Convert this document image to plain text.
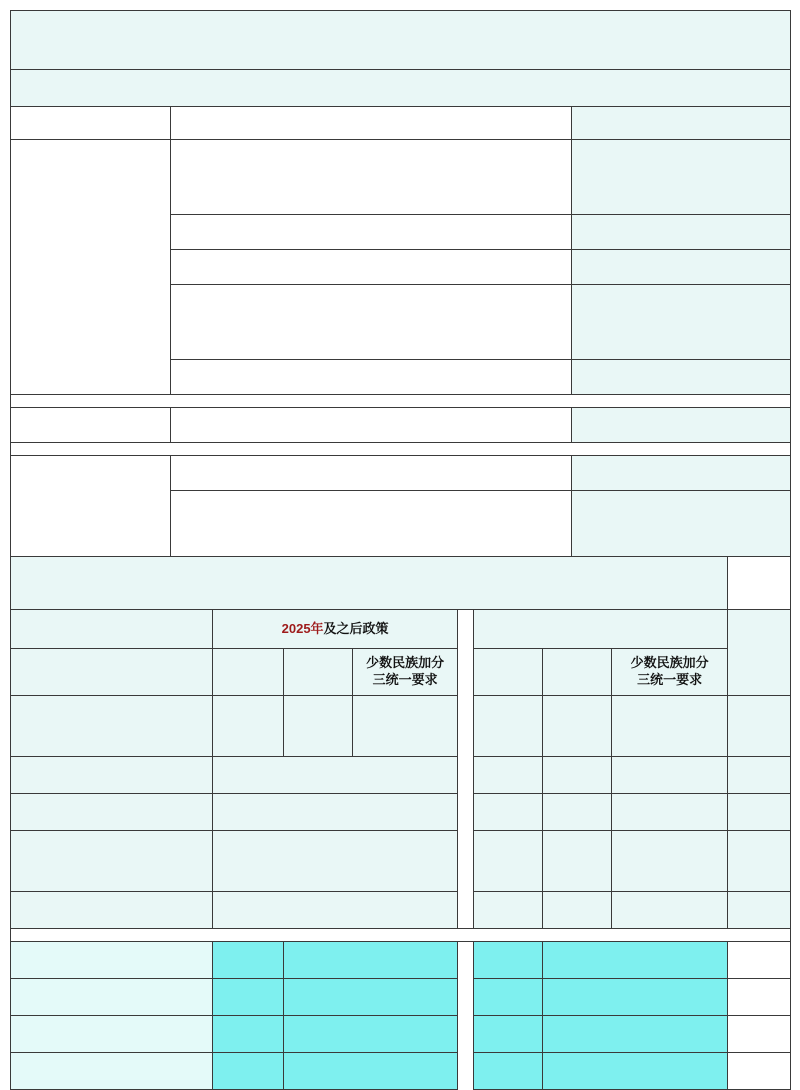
	2025年及之后政策							
			少数民族加分
三统一要求				少数民族加分
三统一要求	
